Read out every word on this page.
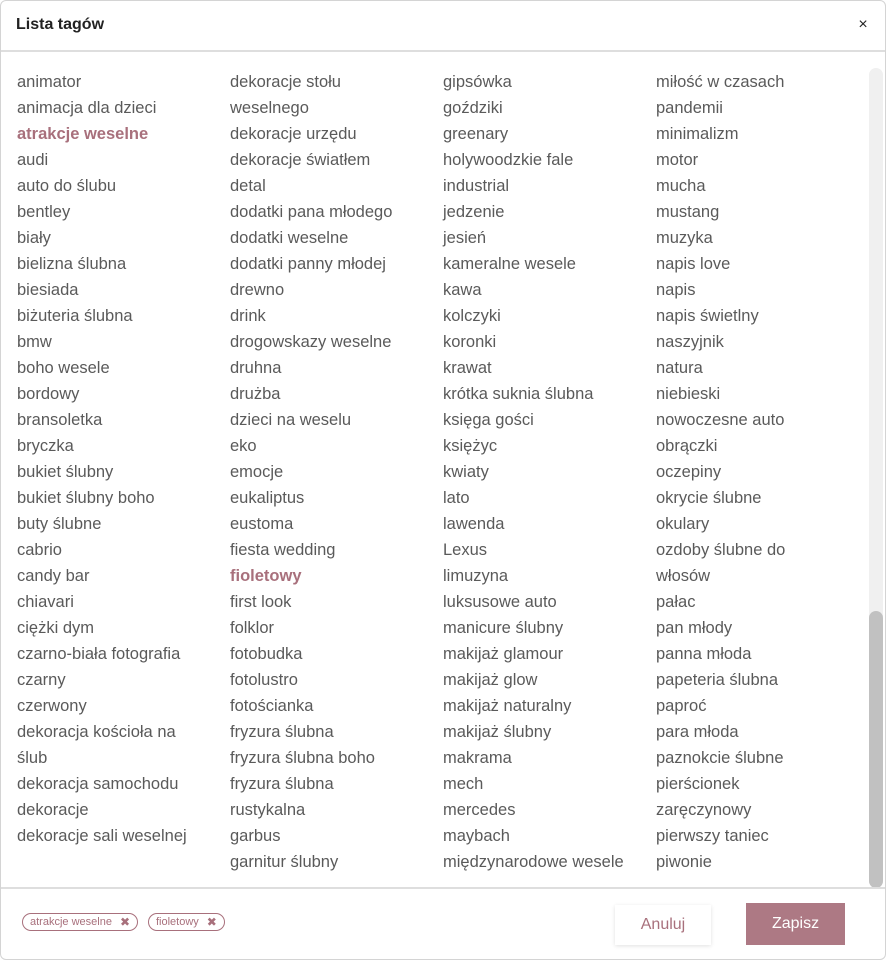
Lista tagów	×
animator
animacja dla dzieci
atrakcje weselne
audi
auto do ślubu
bentley
biały
bielizna ślubna
biesiada
biżuteria ślubna
bmw
boho wesele
bordowy
bransoletka
bryczka
bukiet ślubny
bukiet ślubny boho
buty ślubne
cabrio
candy bar
chiavari
ciężki dym
czarno-biała fotografia
czarny
czerwony
dekoracja kościoła na
ślub
dekoracja samochodu
dekoracje
dekoracje sali weselnej
dekoracje stołu
weselnego
dekoracje urzędu
dekoracje światłem
detal
dodatki pana młodego
dodatki weselne
dodatki panny młodej
drewno
drink
drogowskazy weselne
druhna
drużba
dzieci na weselu
eko
emocje
eukaliptus
eustoma
fiesta wedding
fioletowy
first look
folklor
fotobudka
fotolustro
fotościanka
fryzura ślubna
fryzura ślubna boho
fryzura ślubna
rustykalna
garbus
garnitur ślubny
gipsówka
goździki
greenary
holywoodzkie fale
industrial
jedzenie
jesień
kameralne wesele
kawa
kolczyki
koronki
krawat
krótka suknia ślubna
księga gości
księżyc
kwiaty
lato
lawenda
Lexus
limuzyna
luksusowe auto
manicure ślubny
makijaż glamour
makijaż glow
makijaż naturalny
makijaż ślubny
makrama
mech
mercedes
maybach
międzynarodowe wesele
miłość w czasach
pandemii
minimalizm
motor
mucha
mustang
muzyka
napis love
napis
napis świetlny
naszyjnik
natura
niebieski
nowoczesne auto
obrączki
oczepiny
okrycie ślubne
okulary
ozdoby ślubne do
włosów
pałac
pan młody
panna młoda
papeteria ślubna
paproć
para młoda
paznokcie ślubne
pierścionek
zaręczynowy
pierwszy taniec
piwonie
atrakcje weselne ✖ fioletowy ✖	Anuluj	Zapisz
